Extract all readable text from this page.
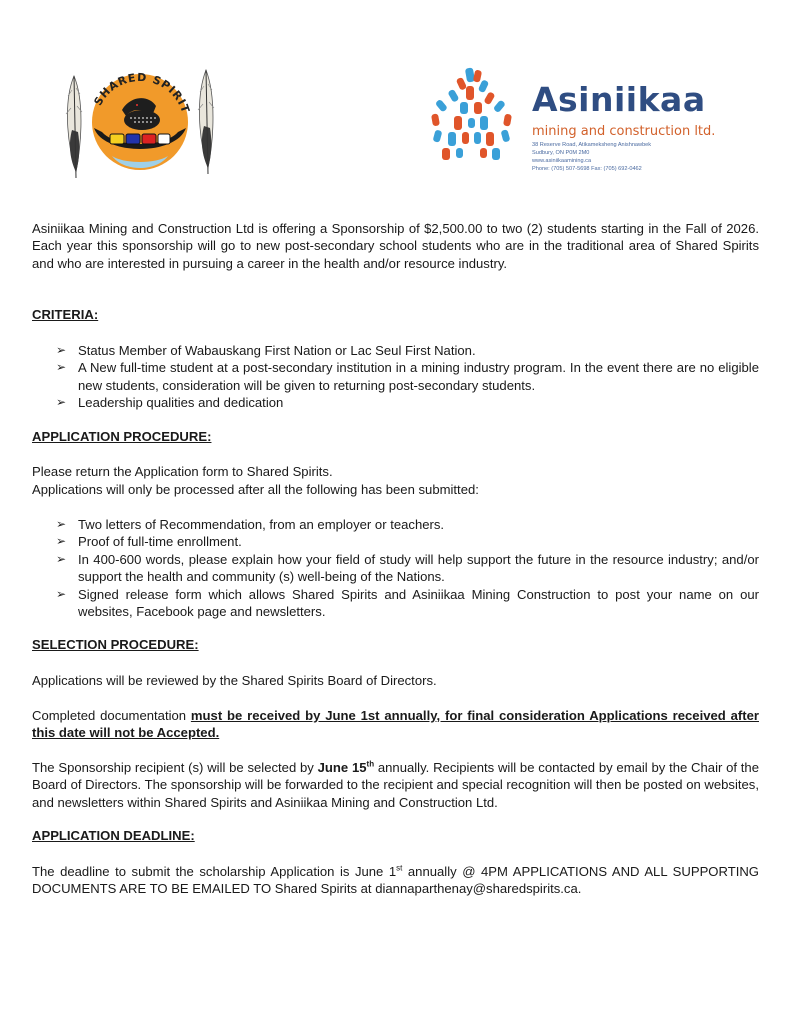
SHARED SPIRIT	Asiniikaa
mining and construction ltd.
38 Reserve Road, Atikameksheng Anishnawbek
Sudbury, ON P0M 2M0
www.asiniikaamining.ca
Phone: (705) 507-5698 Fax: (705) 692-0462

Asiniikaa Mining and Construction Ltd is offering a Sponsorship of $2,500.00 to two (2) students starting in the Fall of 2026. Each year this sponsorship will go to new post-secondary school students who are in the traditional area of Shared Spirits and who are interested in pursuing a career in the health and/or resource industry.

CRITERIA:

➢ Status Member of Wabauskang First Nation or Lac Seul First Nation.
➢ A New full-time student at a post-secondary institution in a mining industry program. In the event there are no eligible new students, consideration will be given to returning post-secondary students.
➢ Leadership qualities and dedication

APPLICATION PROCEDURE:

Please return the Application form to Shared Spirits.

Applications will only be processed after all the following has been submitted:

➢ Two letters of Recommendation, from an employer or teachers.
➢ Proof of full-time enrollment.
➢ In 400-600 words, please explain how your field of study will help support the future in the resource industry; and/or support the health and community (s) well-being of the Nations.
➢ Signed release form which allows Shared Spirits and Asiniikaa Mining Construction to post your name on our websites, Facebook page and newsletters.

SELECTION PROCEDURE:

Applications will be reviewed by the Shared Spirits Board of Directors.

Completed documentation must be received by June 1st annually, for final consideration Applications received after this date will not be Accepted.

The Sponsorship recipient (s) will be selected by June 15th annually. Recipients will be contacted by email by the Chair of the Board of Directors. The sponsorship will be forwarded to the recipient and special recognition will then be posted on websites, and newsletters within Shared Spirits and Asiniikaa Mining and Construction Ltd.

APPLICATION DEADLINE:

The deadline to submit the scholarship Application is June 1st annually @ 4PM APPLICATIONS AND ALL SUPPORTING DOCUMENTS ARE TO BE EMAILED TO Shared Spirits at diannaparthenay@sharedspirits.ca.
